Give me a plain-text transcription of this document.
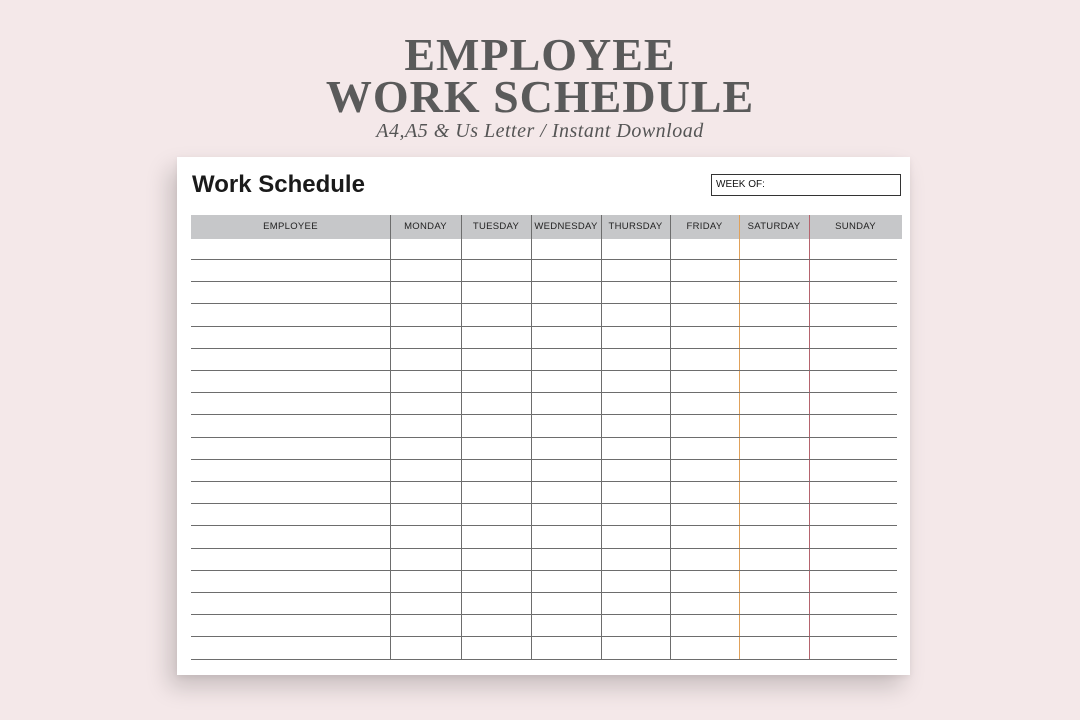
EMPLOYEE
WORK SCHEDULE
A4,A5 & Us Letter / Instant Download
Work Schedule	WEEK OF:
EMPLOYEE	MONDAY	TUESDAY	WEDNESDAY	THURSDAY	FRIDAY	SATURDAY	SUNDAY
